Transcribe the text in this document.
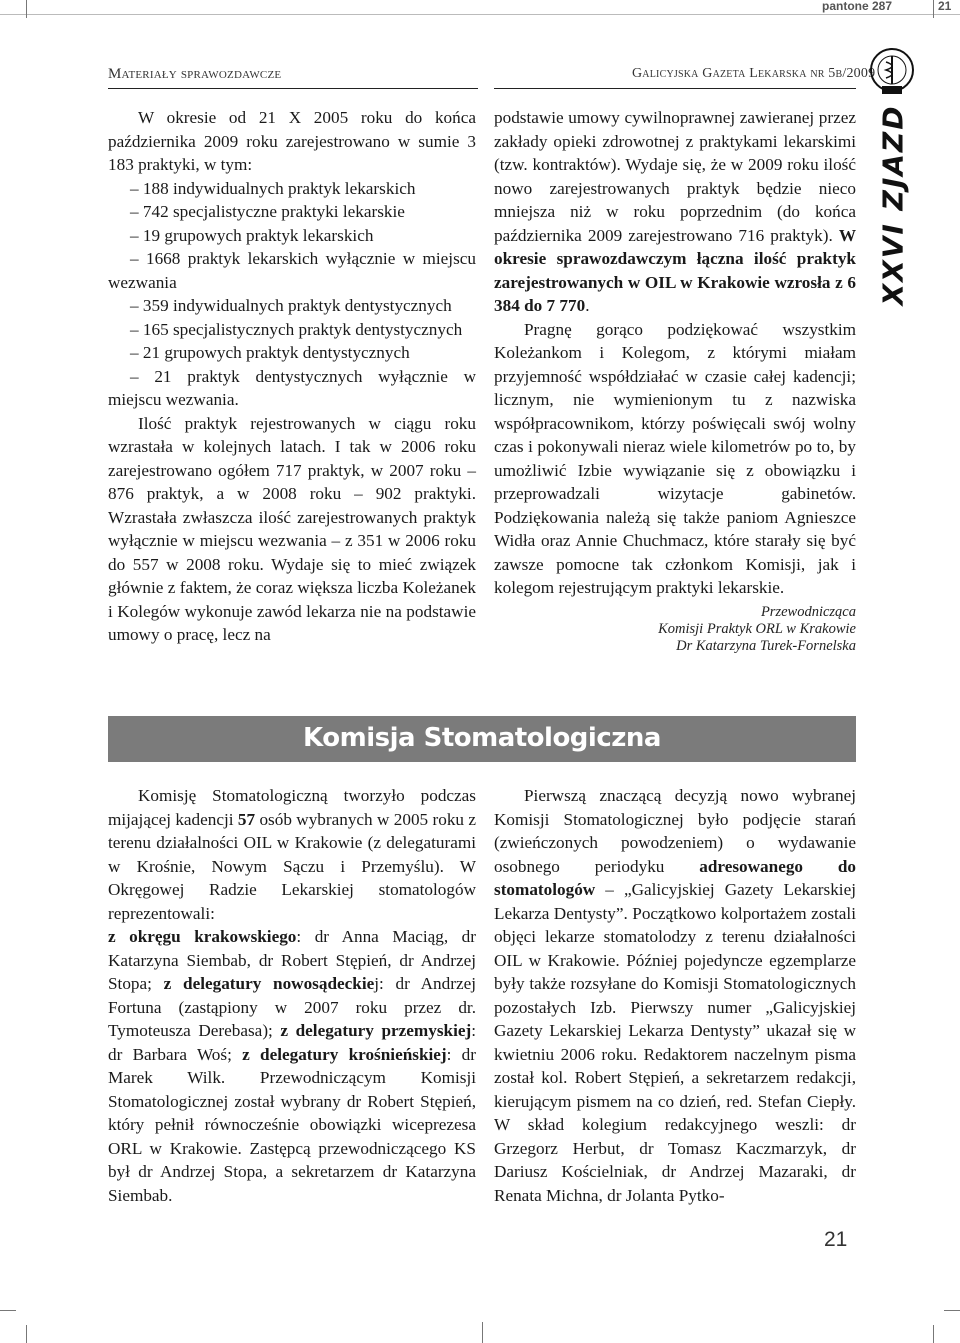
pantone 287	21
Materiały sprawozdawcze	Galicyjska Gazeta Lekarska nr 5b/2009
XXVI ZJAZD

W okresie od 21 X 2005 roku do końca października 2009 roku zarejestrowano w sumie 3 183 praktyki, w tym:

– 188 indywidualnych praktyk lekarskich

– 742 specjalistyczne praktyki lekarskie

– 19 grupowych praktyk lekarskich

– 1668 praktyk lekarskich wyłącznie w miejscu wezwania

– 359 indywidualnych praktyk dentystycznych

– 165 specjalistycznych praktyk dentystycznych

– 21 grupowych praktyk dentystycznych

– 21 praktyk dentystycznych wyłącznie w miejscu wezwania.

Ilość praktyk rejestrowanych w ciągu roku wzrastała w kolejnych latach. I tak w 2006 roku zarejestrowano ogółem 717 praktyk, w 2007 roku – 876 praktyk, a w 2008 roku – 902 praktyki. Wzrastała zwłaszcza ilość zarejestrowanych praktyk wyłącznie w miejscu wezwania – z 351 w 2006 roku do 557 w 2008 roku. Wydaje się to mieć związek głównie z faktem, że coraz większa liczba Koleżanek i Kolegów wykonuje zawód lekarza nie na podstawie umowy o pracę, lecz na

podstawie umowy cywilnoprawnej zawieranej przez zakłady opieki zdrowotnej z praktykami lekarskimi (tzw. kontraktów). Wydaje się, że w 2009 roku ilość nowo zarejestrowanych praktyk będzie nieco mniejsza niż w roku poprzednim (do końca października 2009 zarejestrowano 716 praktyk). W okresie sprawozdawczym łączna ilość praktyk zarejestrowanych w OIL w Krakowie wzrosła z 6 384 do 7 770.

Pragnę gorąco podziękować wszystkim Koleżankom i Kolegom, z którymi miałam przyjemność współdziałać w czasie całej kadencji; licznym, nie wymienionym tu z nazwiska współpracownikom, którzy poświęcali swój wolny czas i pokonywali nieraz wiele kilometrów po to, by umożliwić Izbie wywiązanie się z obowiązku i przeprowadzali wizytacje gabinetów. Podziękowania należą się także paniom Agnieszce Widła oraz Annie Chuchmacz, które starały się być zawsze pomocne tak członkom Komisji, jak i kolegom rejestrującym praktyki lekarskie.

Przewodnicząca
Komisji Praktyk ORL w Krakowie
Dr Katarzyna Turek-Fornelska
Komisja Stomatologiczna

Komisję Stomatologiczną tworzyło podczas mijającej kadencji 57 osób wybranych w 2005 roku z terenu działalności OIL w Krakowie (z delegaturami w Krośnie, Nowym Sączu i Przemyślu). W Okręgowej Radzie Lekarskiej stomatologów reprezentowali:

z okręgu krakowskiego: dr Anna Maciąg, dr Katarzyna Siembab, dr Robert Stępień, dr Andrzej Stopa; z delegatury nowosądeckiej: dr Andrzej Fortuna (zastąpiony w 2007 roku przez dr. Tymoteusza Derebasa); z delegatury przemyskiej: dr Barbara Woś; z delegatury krośnieńskiej: dr Marek Wilk. Przewodniczącym Komisji Stomatologicznej został wybrany dr Robert Stępień, który pełnił równocześnie obowiązki wiceprezesa ORL w Krakowie. Zastępcą przewodniczącego KS był dr Andrzej Stopa, a sekretarzem dr Katarzyna Siembab.

Pierwszą znaczącą decyzją nowo wybranej Komisji Stomatologicznej było podjęcie starań (zwieńczonych powodzeniem) o wydawanie osobnego periodyku adresowanego do stomatologów – „Galicyjskiej Gazety Lekarskiej Lekarza Dentysty”. Początkowo kolportażem zostali objęci lekarze stomatolodzy z terenu działalności OIL w Krakowie. Później pojedyncze egzemplarze były także rozsyłane do Komisji Stomatologicznych pozostałych Izb. Pierwszy numer „Galicyjskiej Gazety Lekarskiej Lekarza Dentysty” ukazał się w kwietniu 2006 roku. Redaktorem naczelnym pisma został kol. Robert Stępień, a sekretarzem redakcji, kierującym pismem na co dzień, red. Stefan Ciepły. W skład kolegium redakcyjnego weszli: dr Grzegorz Herbut, dr Tomasz Kaczmarzyk, dr Dariusz Kościelniak, dr Andrzej Mazaraki, dr Renata Michna, dr Jolanta Pytko-

21
